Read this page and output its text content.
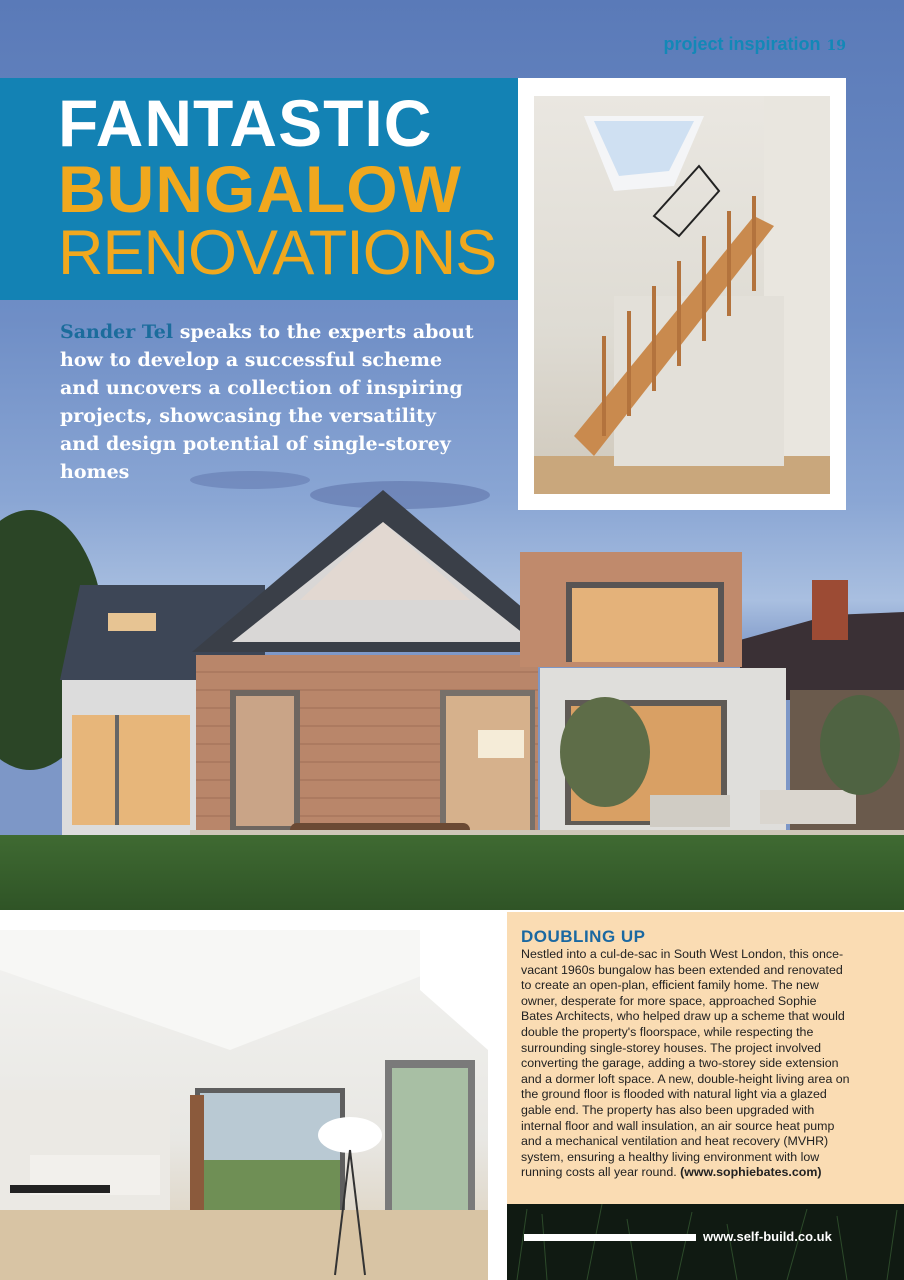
project inspiration 19
FANTASTIC
BUNGALOW
RENOVATIONS
Sander Tel speaks to the experts about how to develop a successful scheme and uncovers a collection of inspiring projects, showcasing the versatility and design potential of single-storey homes
SIMON KENNEDY DOUBLING UP
Nestled into a cul-de-sac in South West London, this once-vacant 1960s bungalow has been extended and renovated to create an open-plan, efficient family home. The new owner, desperate for more space, approached Sophie Bates Architects, who helped draw up a scheme that would double the property's floorspace, while respecting the surrounding single-storey houses. The project involved converting the garage, adding a two-storey side extension and a dormer loft space. A new, double-height living area on the ground floor is flooded with natural light via a glazed gable end. The property has also been upgraded with internal floor and wall insulation, an air source heat pump and a mechanical ventilation and heat recovery (MVHR) system, ensuring a healthy living environment with low running costs all year round. (www.sophiebates.com)
www.self-build.co.uk
